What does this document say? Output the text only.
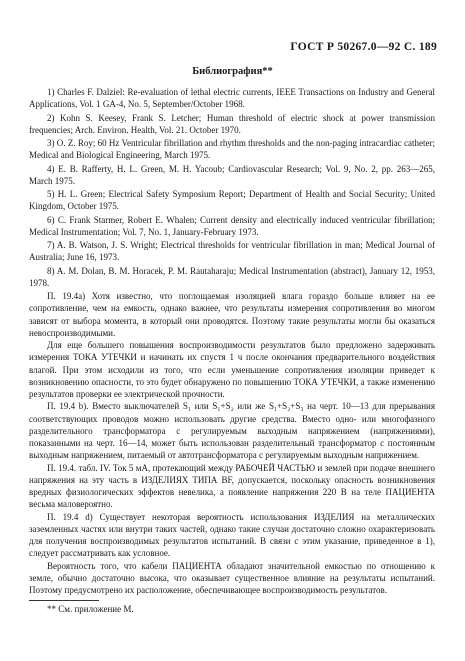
ГОСТ Р 50267.0—92 С. 189
Библиография**

1) Charles F. Dalziel: Re-evaluation of lethal electric currents, IEEE Transactions on Industry and General Applications, Vol. 1 GA-4, No. 5, September/October 1968.

2) Kohn S. Keesey, Frank S. Letcher; Human threshold of electric shock at power transmission frequencies; Arch. Environ. Health, Vol. 21. October 1970.

3) O. Z. Roy; 60 Hz Ventricular fibrillation and rhythm thresholds and the non-paging intracardiac catheter; Medical and Biological Engineering, March 1975.

4) E. B. Rafferty, H. L. Green, M. H. Yacoub; Cardiovascular Research; Vol. 9, No. 2, pp. 263—265, March 1975.

5) H. L. Green; Electrical Safety Symposium Report; Department of Health and Social Security; United Kingdom, October 1975.

6) C. Frank Starmer, Robert E. Whalen; Current density and electrically induced ventricular fibrillation; Medical Instrumentation; Vol. 7, No. 1, January-February 1973.

7) A. B. Watson, J. S. Wright; Electrical thresholds for ventricular fibrillation in man; Medical Journal of Australia; June 16, 1973.

8) A. M. Dolan, B. M. Horacek, P. M. Rautaharaju; Medical Instrumentation (abstract), January 12, 1953, 1978.

П. 19.4а) Хотя известно, что поглощаемая изоляцией влага гораздо больше влияет на ее сопротивление, чем на емкость, однако важнее, что результаты измерения сопротивления во многом зависят от выбора момента, в который они проводятся. Поэтому такие результаты могли бы оказаться невоспроизводимыми.

Для еще большего повышения воспроизводимости результатов было предложено задерживать измерения ТОКА УТЕЧКИ и начинать их спустя 1 ч после окончания предварительного воздействия влагой. При этом исходили из того, что если уменьшение сопротивления изоляции приведет к возникновению опасности, то это будет обнаружено по повышению ТОКА УТЕЧКИ, а также изменению результатов проверки ее электрической прочности.

П. 19.4 b). Вместо выключателей S₁ или S₁+S₂ или же S₁+S₂+S₃ на черт. 10—13 для прерывания соответствующих проводов можно использовать другие средства. Вместо одно- или многофазного разделительного трансформатора с регулируемым выходным напряжением (напряжениями), показанными на черт. 16—14, может быть использован разделительный трансформатор с постоянным выходным напряжением, питаемый от автотрансформатора с регулируемым выходным напряжением.

П. 19.4. табл. IV. Ток 5 мА, протекающий между РАБОЧЕЙ ЧАСТЬЮ и землей при подаче внешнего напряжения на эту часть в ИЗДЕЛИЯХ ТИПА BF, допускается, поскольку опасность возникновения вредных физиологических эффектов невелика, а появление напряжения 220 В на теле ПАЦИЕНТА весьма маловероятно.

П. 19.4 d) Существует некоторая вероятность использования ИЗДЕЛИЯ на металлических заземленных частях или внутри таких частей, однако такие случаи достаточно сложно охарактеризовать для получения воспроизводимых результатов испытаний. В связи с этим указание, приведенное в 1), следует рассматривать как условное.

Вероятность того, что кабели ПАЦИЕНТА обладают значительной емкостью по отношению к земле, обычно достаточно высока, что оказывает существенное влияние на результаты испытаний. Поэтому предусмотрено их расположение, обеспечивающее воспроизводимость результатов.

** См. приложение М.
